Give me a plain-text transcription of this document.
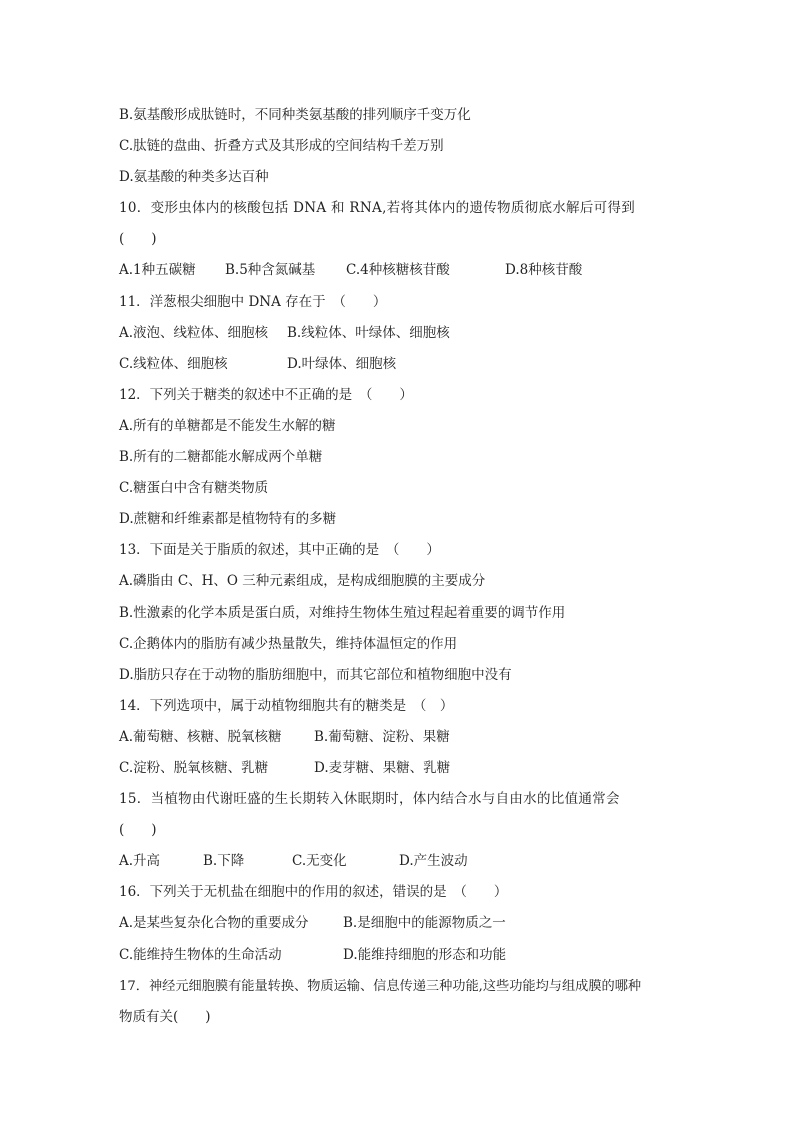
B.氨基酸形成肽链时，不同种类氨基酸的排列顺序千变万化
C.肽链的盘曲、折叠方式及其形成的空间结构千差万别
D.氨基酸的种类多达百种
10．变形虫体内的核酸包括 DNA 和 RNA,若将其体内的遗传物质彻底水解后可得到
(　　)
A.1种五碳糖 B.5种含氮碱基 C.4种核糖核苷酸	D.8种核苷酸
11．洋葱根尖细胞中 DNA 存在于　（　　）
A.液泡、线粒体、细胞核 B.线粒体、叶绿体、细胞核
C.线粒体、细胞核	D.叶绿体、细胞核
12．下列关于糖类的叙述中不正确的是　（　　）
A.所有的单糖都是不能发生水解的糖
B.所有的二糖都能水解成两个单糖
C.糖蛋白中含有糖类物质
D.蔗糖和纤维素都是植物特有的多糖
13．下面是关于脂质的叙述，其中正确的是　（　　）
A.磷脂由 C、H、O 三种元素组成，是构成细胞膜的主要成分
B.性激素的化学本质是蛋白质，对维持生物体生殖过程起着重要的调节作用
C.企鹅体内的脂肪有减少热量散失，维持体温恒定的作用
D.脂肪只存在于动物的脂肪细胞中，而其它部位和植物细胞中没有
14．下列选项中，属于动植物细胞共有的糖类是　（　）
A.葡萄糖、核糖、脱氧核糖 B.葡萄糖、淀粉、果糖
C.淀粉、脱氧核糖、乳糖	D.麦芽糖、果糖、乳糖
15．当植物由代谢旺盛的生长期转入休眠期时，体内结合水与自由水的比值通常会
(　　)
A.升高	B.下降	C.无变化	D.产生波动
16．下列关于无机盐在细胞中的作用的叙述，错误的是　（　　）
A.是某些复杂化合物的重要成分	B.是细胞中的能源物质之一
C.能维持生物体的生命活动	D.能维持细胞的形态和功能
17．神经元细胞膜有能量转换、物质运输、信息传递三种功能,这些功能均与组成膜的哪种
物质有关(　　)
